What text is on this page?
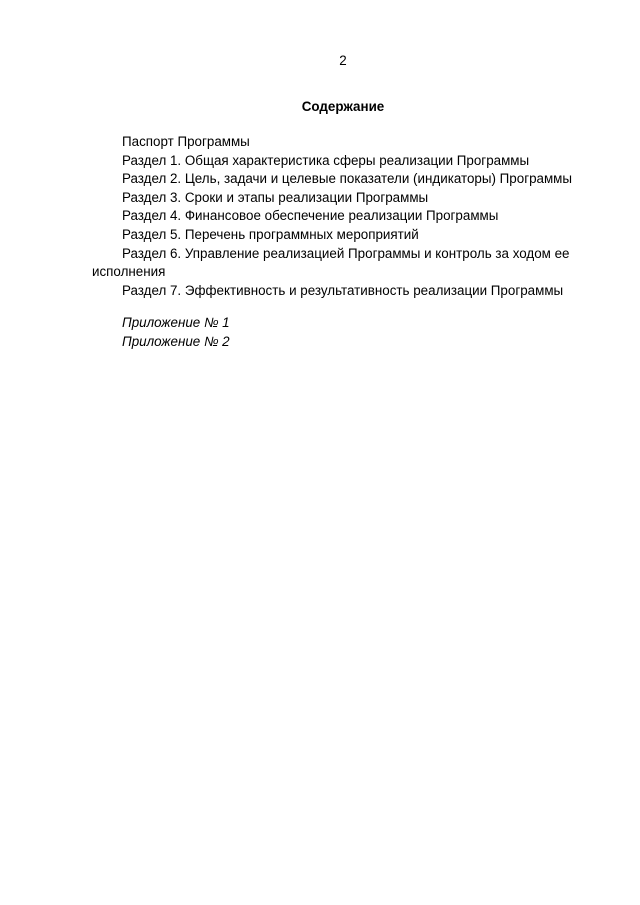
2
Содержание
Паспорт Программы
Раздел 1. Общая характеристика сферы реализации Программы
Раздел 2. Цель, задачи и целевые показатели (индикаторы) Программы
Раздел 3. Сроки и этапы реализации Программы
Раздел 4. Финансовое обеспечение реализации Программы
Раздел 5. Перечень программных мероприятий
Раздел 6. Управление реализацией Программы и контроль за ходом ее исполнения
Раздел 7. Эффективность и результативность реализации Программы
Приложение № 1
Приложение № 2
